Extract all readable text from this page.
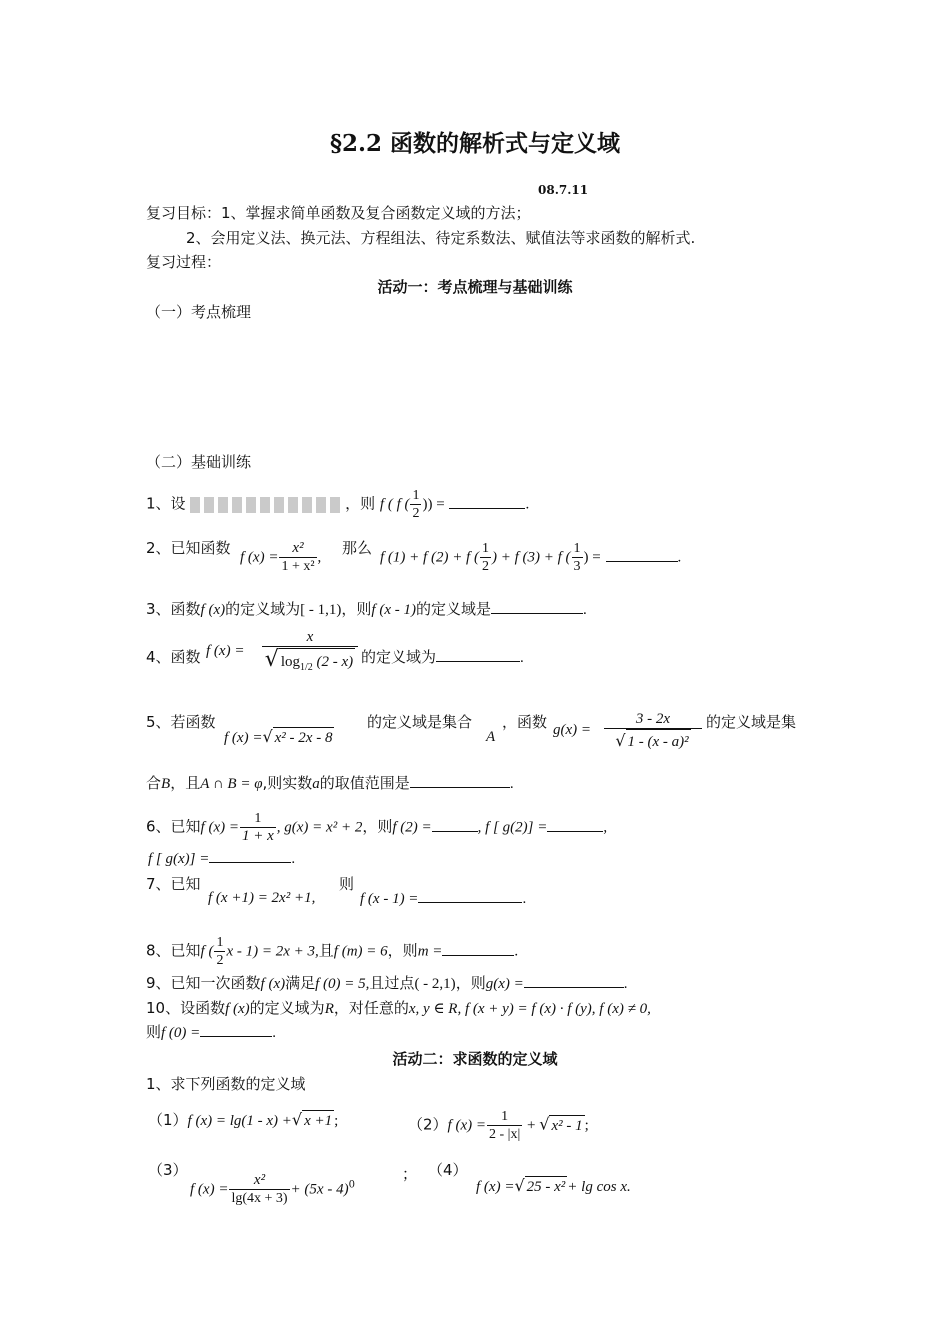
§2.2 函数的解析式与定义域
08.7.11
复习目标：1、掌握求简单函数及复合函数定义域的方法；
2、会用定义法、换元法、方程组法、待定系数法、赋值法等求函数的解析式.
复习过程：
活动一：考点梳理与基础训练
（一）考点梳理
（二）基础训练
1、设	，则 f ( f ( $\frac{1}{2}$ )) =	.
2、已知函数
f $(x) = \frac{\text{x²}}{\text{1 + x²}}$ ,
那么
f (1) + f (2) + f ( $\frac{1}{2}$ ) + f (3) + f ( $\frac{1}{3}$ ) =	.
3、函数f (x)的定义域为[ - 1,1)，则f (x - 1)的定义域是	.
4、函数 f (x) =
x
√ $\log_{1/2} (2 - x)$ 的定义域为	.
5、若函数
f (x) =√ x² - 2x - 8
的定义域是集合
A
，函数 g(x) =
3 - 2x
√ 1 - (x - a)²
的定义域是集
合B，且A ∩ B = φ,则实数a的取值范围是	.
6、已知f $(x) = \frac{1}{1 + x}$ , g(x) = x² + 2，则f (2) =	, f [ g(2)] =	,
f [ g(x)] =	.
7、已知
f (x +1) = 2x² +1,
则
f (x - 1) =	.
8、已知f ( $\frac{1}{2}$ x - 1) = 2x + 3,且f (m) = 6，则m =	.
9、已知一次函数f (x)满足f (0) = 5,且过点( - 2,1)，则g(x) =	.
10、设函数f (x)的定义域为R，对任意的x, y ∈ R, f (x + y) = f (x) · f (y), f (x) ≠ 0,
则f (0) =	.
活动二：求函数的定义域
1、求下列函数的定义域
（1）f (x) = lg(1 - x) +√ x +1 ;	（2）f $(x) = \frac{1}{2 - |x|}$ + √ x² - 1 ;
（3）
f $(x) = \frac{\text{x²}}{\lg(4x + 3)} + (5x - 4)^0$
； （4）
f (x) =√ 25 - x² + lg cos x.
